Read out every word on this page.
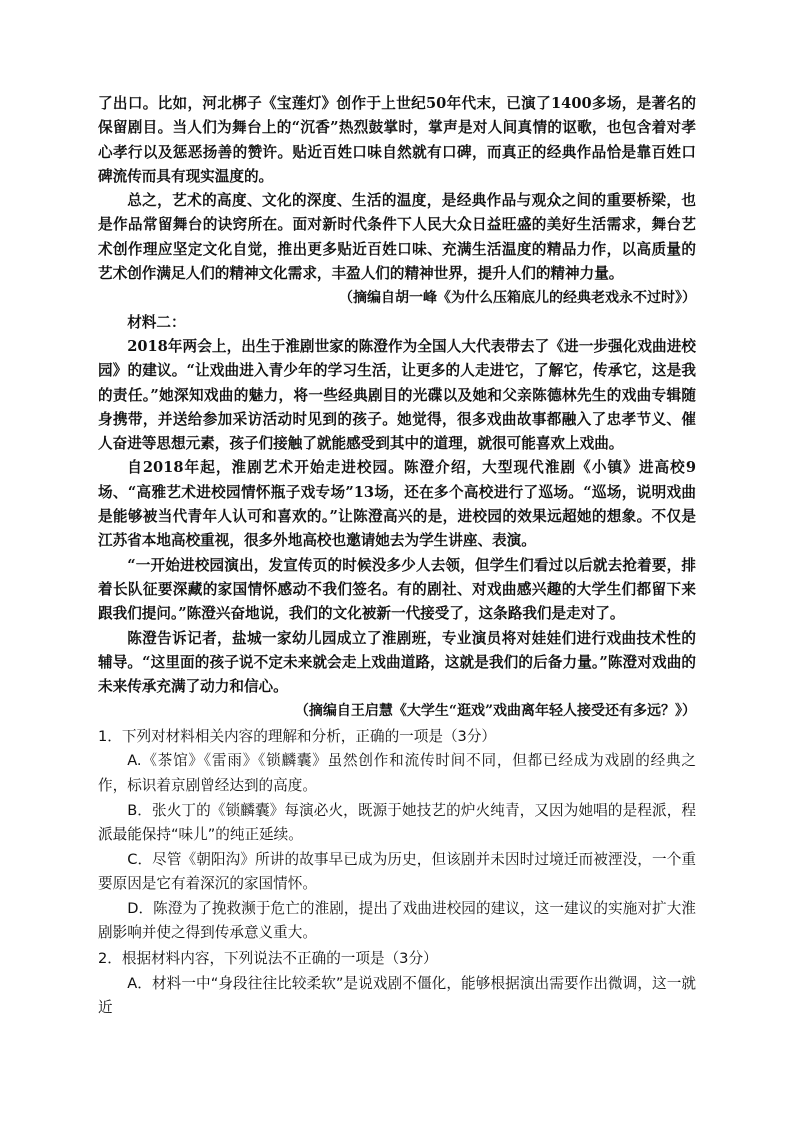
了出口。比如，河北梆子《宝莲灯》创作于上世纪50年代末，已演了1400多场，是著名的保留剧目。当人们为舞台上的“沉香”热烈鼓掌时，掌声是对人间真情的讴歌，也包含着对孝心孝行以及惩恶扬善的赞许。贴近百姓口味自然就有口碑，而真正的经典作品恰是靠百姓口碑流传而具有现实温度的。

总之，艺术的高度、文化的深度、生活的温度，是经典作品与观众之间的重要桥梁，也是作品常留舞台的诀窍所在。面对新时代条件下人民大众日益旺盛的美好生活需求，舞台艺术创作理应坚定文化自觉，推出更多贴近百姓口味、充满生活温度的精品力作，以高质量的艺术创作满足人们的精神文化需求，丰盈人们的精神世界，提升人们的精神力量。

（摘编自胡一峰《为什么压箱底儿的经典老戏永不过时》）

材料二：

2018年两会上，出生于淮剧世家的陈澄作为全国人大代表带去了《进一步强化戏曲进校园》的建议。“让戏曲进入青少年的学习生活，让更多的人走进它，了解它，传承它，这是我的责任。”她深知戏曲的魅力，将一些经典剧目的光碟以及她和父亲陈德林先生的戏曲专辑随身携带，并送给参加采访活动时见到的孩子。她觉得，很多戏曲故事都融入了忠孝节义、催人奋进等思想元素，孩子们接触了就能感受到其中的道理，就很可能喜欢上戏曲。

自2018年起，淮剧艺术开始走进校园。陈澄介绍，大型现代淮剧《小镇》进高校9场、“高雅艺术进校园情怀瓶子戏专场”13场，还在多个高校进行了巡场。“巡场，说明戏曲是能够被当代青年人认可和喜欢的。”让陈澄高兴的是，进校园的效果远超她的想象。不仅是江苏省本地高校重视，很多外地高校也邀请她去为学生讲座、表演。

“一开始进校园演出，发宣传页的时候没多少人去领，但学生们看过以后就去抢着要，排着长队征要深藏的家国情怀感动不我们签名。有的剧社、对戏曲感兴趣的大学生们都留下来跟我们提问。”陈澄兴奋地说，我们的文化被新一代接受了，这条路我们是走对了。

陈澄告诉记者，盐城一家幼儿园成立了淮剧班，专业演员将对娃娃们进行戏曲技术性的辅导。“这里面的孩子说不定未来就会走上戏曲道路，这就是我们的后备力量。”陈澄对戏曲的未来传承充满了动力和信心。

（摘编自王启慧《大学生“逛戏”戏曲离年轻人接受还有多远？》）

1．下列对材料相关内容的理解和分析，正确的一项是（3分）

A.《茶馆》《雷雨》《锁麟囊》虽然创作和流传时间不同，但都已经成为戏剧的经典之作，标识着京剧曾经达到的高度。

B．张火丁的《锁麟囊》每演必火，既源于她技艺的炉火纯青，又因为她唱的是程派，程派最能保持“味儿”的纯正延续。

C．尽管《朝阳沟》所讲的故事早已成为历史，但该剧并未因时过境迁而被湮没，一个重要原因是它有着深沉的家国情怀。

D．陈澄为了挽救濒于危亡的淮剧，提出了戏曲进校园的建议，这一建议的实施对扩大淮剧影响并使之得到传承意义重大。

2．根据材料内容，下列说法不正确的一项是（3分）

A．材料一中“身段往往比较柔软”是说戏剧不僵化，能够根据演出需要作出微调，这一就近
